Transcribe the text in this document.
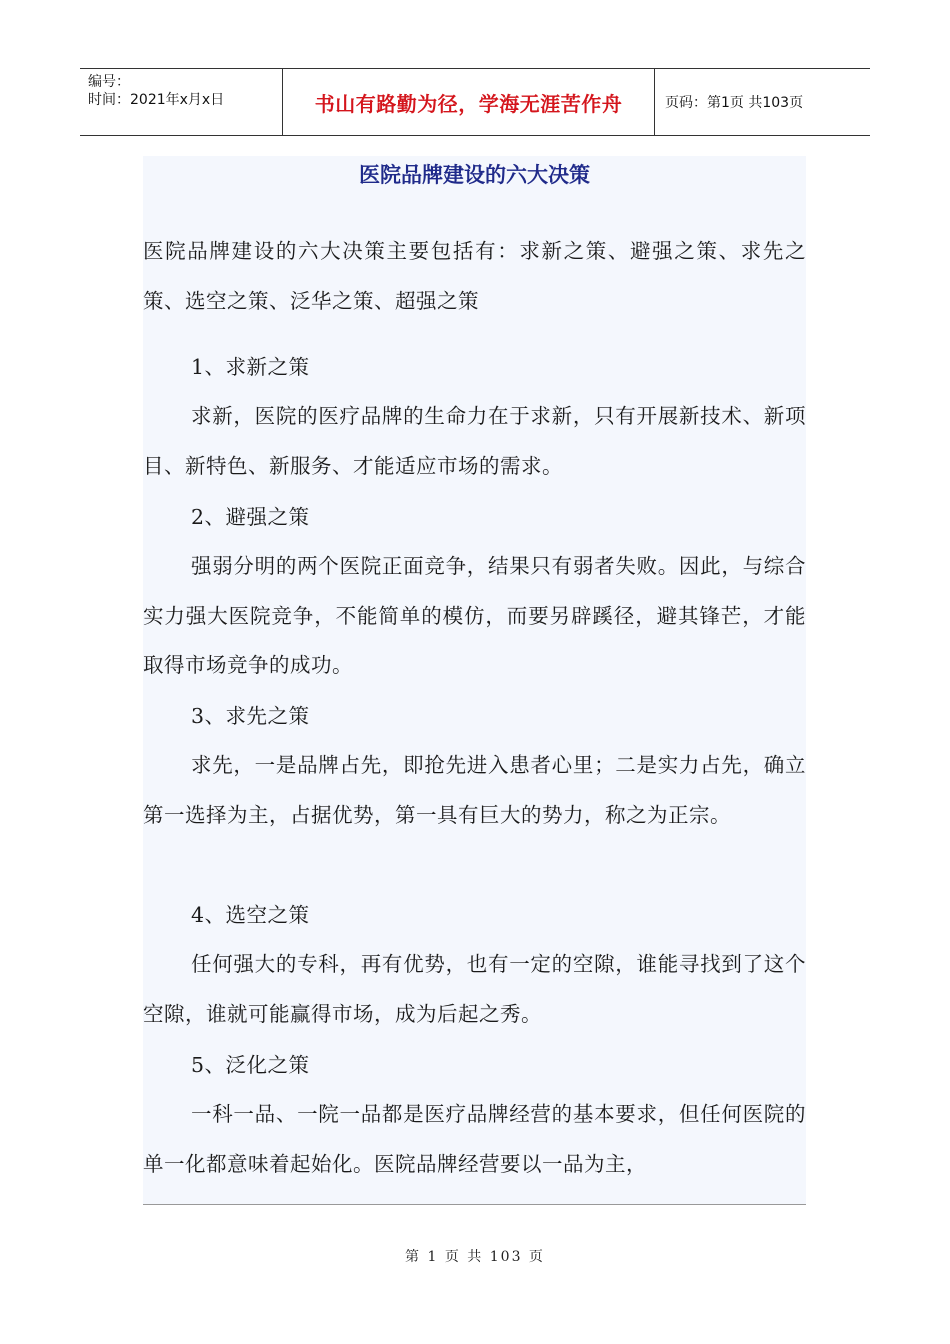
编号：
时间：2021年x月x日	书山有路勤为径，学海无涯苦作舟	页码：第1页 共103页
医院品牌建设的六大决策

医院品牌建设的六大决策主要包括有：求新之策、避强之策、求先之策、选空之策、泛华之策、超强之策

1、求新之策

求新，医院的医疗品牌的生命力在于求新，只有开展新技术、新项目、新特色、新服务、才能适应市场的需求。

2、避强之策

强弱分明的两个医院正面竞争，结果只有弱者失败。因此，与综合实力强大医院竞争，不能简单的模仿，而要另辟蹊径，避其锋芒，才能取得市场竞争的成功。

3、求先之策

求先，一是品牌占先，即抢先进入患者心里；二是实力占先，确立第一选择为主，占据优势，第一具有巨大的势力，称之为正宗。

4、选空之策

任何强大的专科，再有优势，也有一定的空隙，谁能寻找到了这个空隙，谁就可能赢得市场，成为后起之秀。

5、泛化之策

一科一品、一院一品都是医疗品牌经营的基本要求，但任何医院的单一化都意味着起始化。医院品牌经营要以一品为主，

第 1 页 共 103 页
